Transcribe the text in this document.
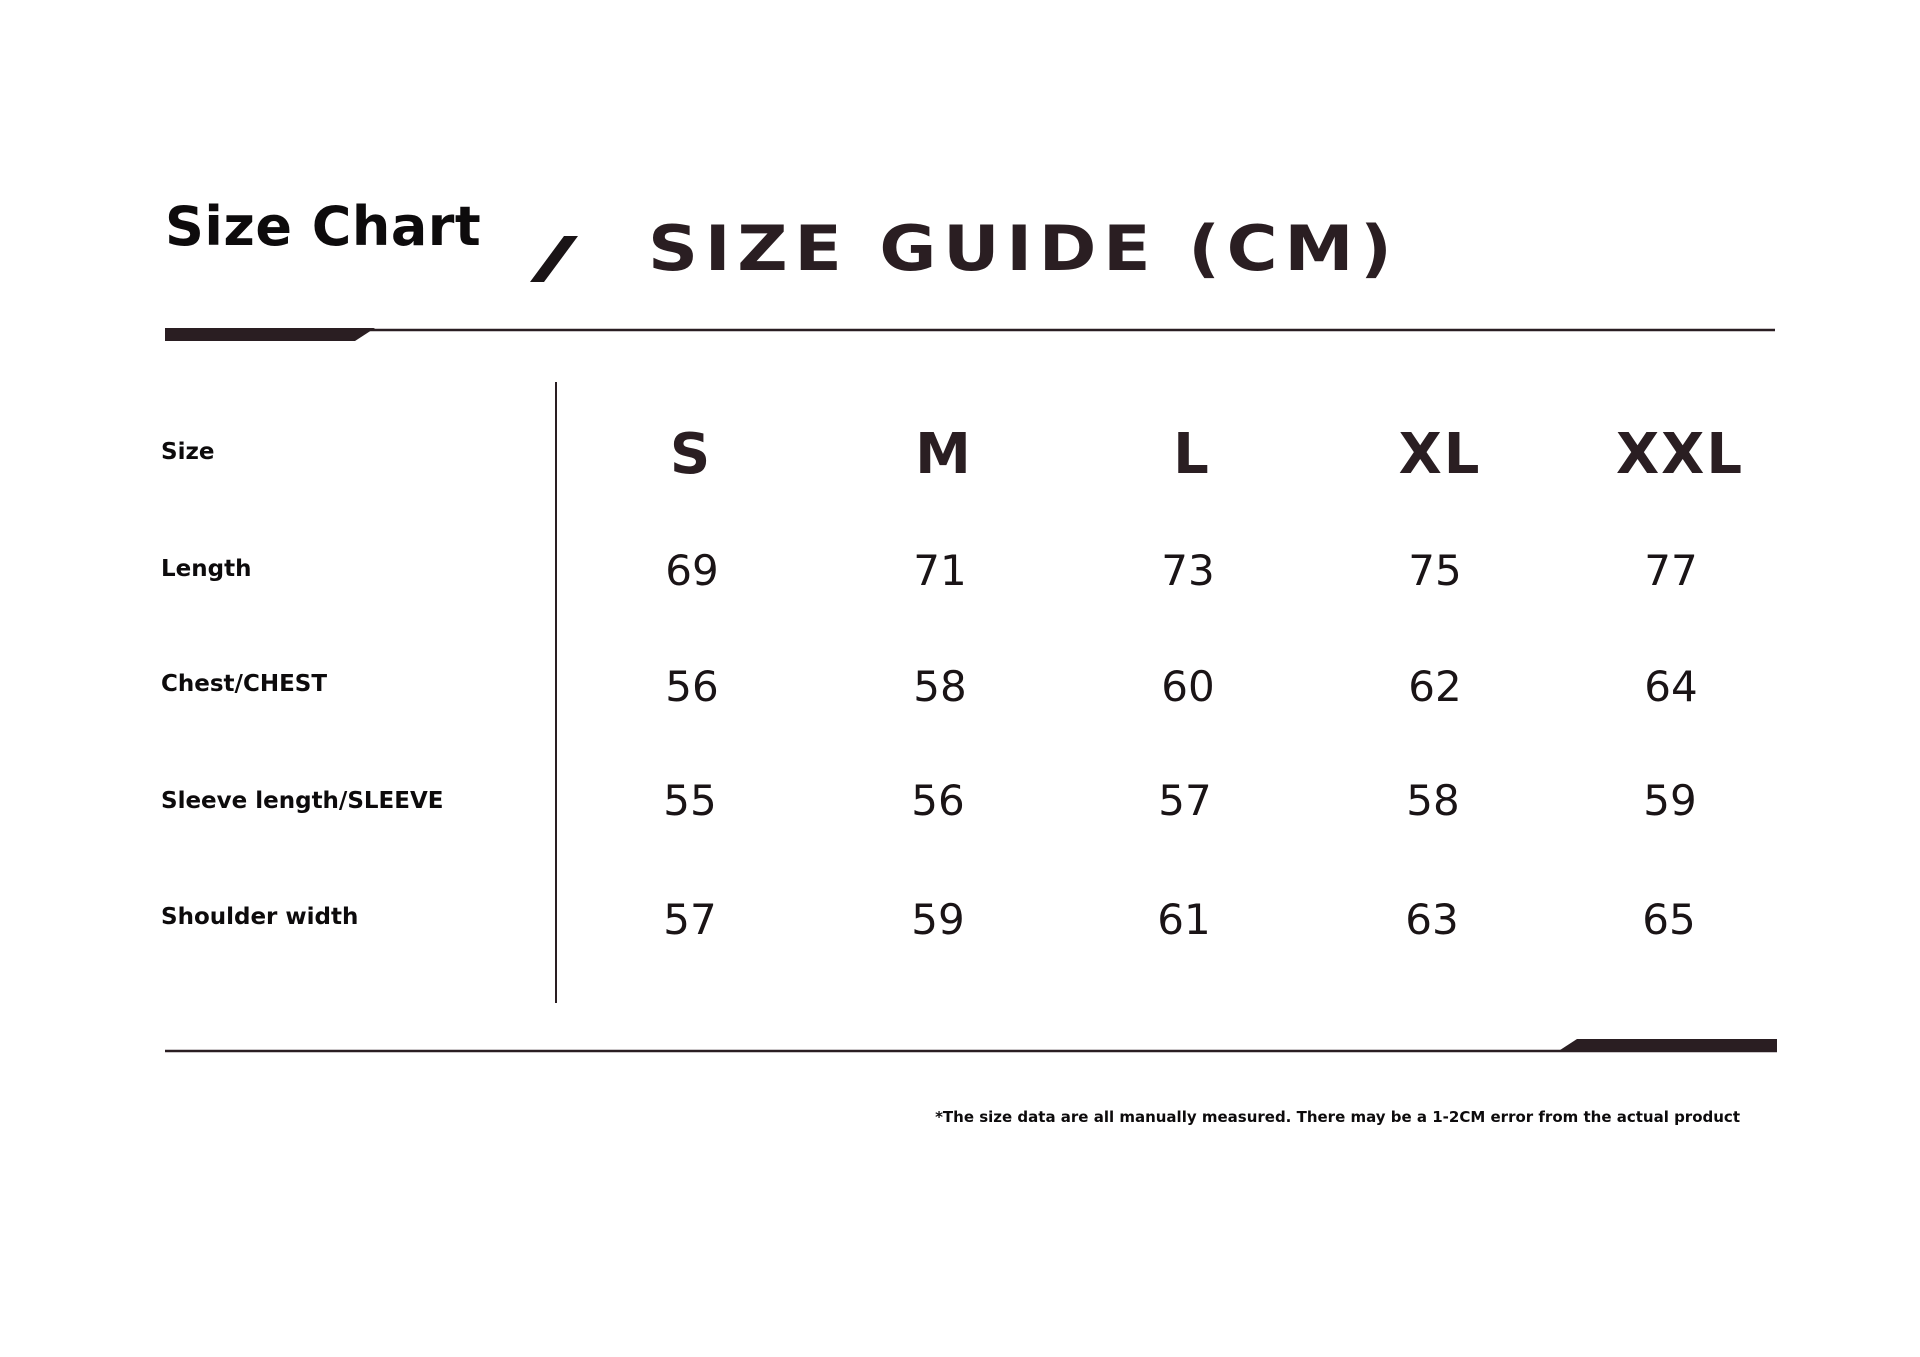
Size Chart	SIZE GUIDE (CM)
Size	S	M	L	XL	XXL
Length	69	71	73	75	77
Chest/CHEST	56	58	60	62	64
Sleeve length/SLEEVE	55	56	57	58	59
Shoulder width	57	59	61	63	65
*The size data are all manually measured. There may be a 1-2CM error from the actual product
